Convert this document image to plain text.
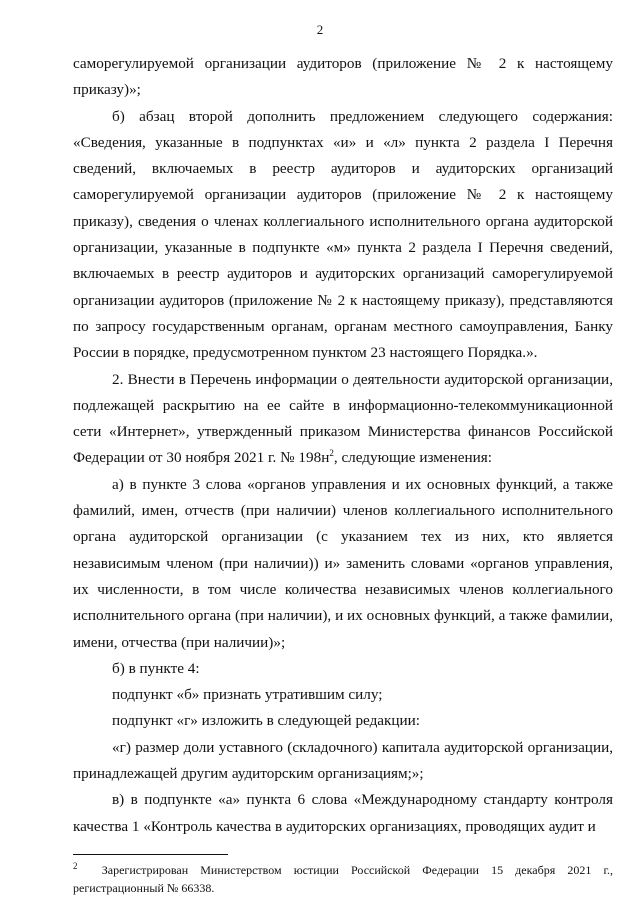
2

саморегулируемой организации аудиторов (приложение № 2 к настоящему приказу)»;

б) абзац второй дополнить предложением следующего содержания: «Сведения, указанные в подпунктах «и» и «л» пункта 2 раздела I Перечня сведений, включаемых в реестр аудиторов и аудиторских организаций саморегулируемой организации аудиторов (приложение № 2 к настоящему приказу), сведения о членах коллегиального исполнительного органа аудиторской организации, указанные в подпункте «м» пункта 2 раздела I Перечня сведений, включаемых в реестр аудиторов и аудиторских организаций саморегулируемой организации аудиторов (приложение № 2 к настоящему приказу), представляются по запросу государственным органам, органам местного самоуправления, Банку России в порядке, предусмотренном пунктом 23 настоящего Порядка.».

2. Внести в Перечень информации о деятельности аудиторской организации, подлежащей раскрытию на ее сайте в информационно-телекоммуникационной сети «Интернет», утвержденный приказом Министерства финансов Российской Федерации от 30 ноября 2021 г. № $198н^2$, следующие изменения:

а) в пункте 3 слова «органов управления и их основных функций, а также фамилий, имен, отчеств (при наличии) членов коллегиального исполнительного органа аудиторской организации (с указанием тех из них, кто является независимым членом (при наличии)) и» заменить словами «органов управления, их численности, в том числе количества независимых членов коллегиального исполнительного органа (при наличии), и их основных функций, а также фамилии, имени, отчества (при наличии)»;

б) в пункте 4:

подпункт «б» признать утратившим силу;

подпункт «г» изложить в следующей редакции:

«г) размер доли уставного (складочного) капитала аудиторской организации, принадлежащей другим аудиторским организациям;»;

в) в подпункте «а» пункта 6 слова «Международному стандарту контроля качества 1 «Контроль качества в аудиторских организациях, проводящих аудит и

$^2$ Зарегистрирован Министерством юстиции Российской Федерации 15 декабря 2021 г., регистрационный № 66338.
